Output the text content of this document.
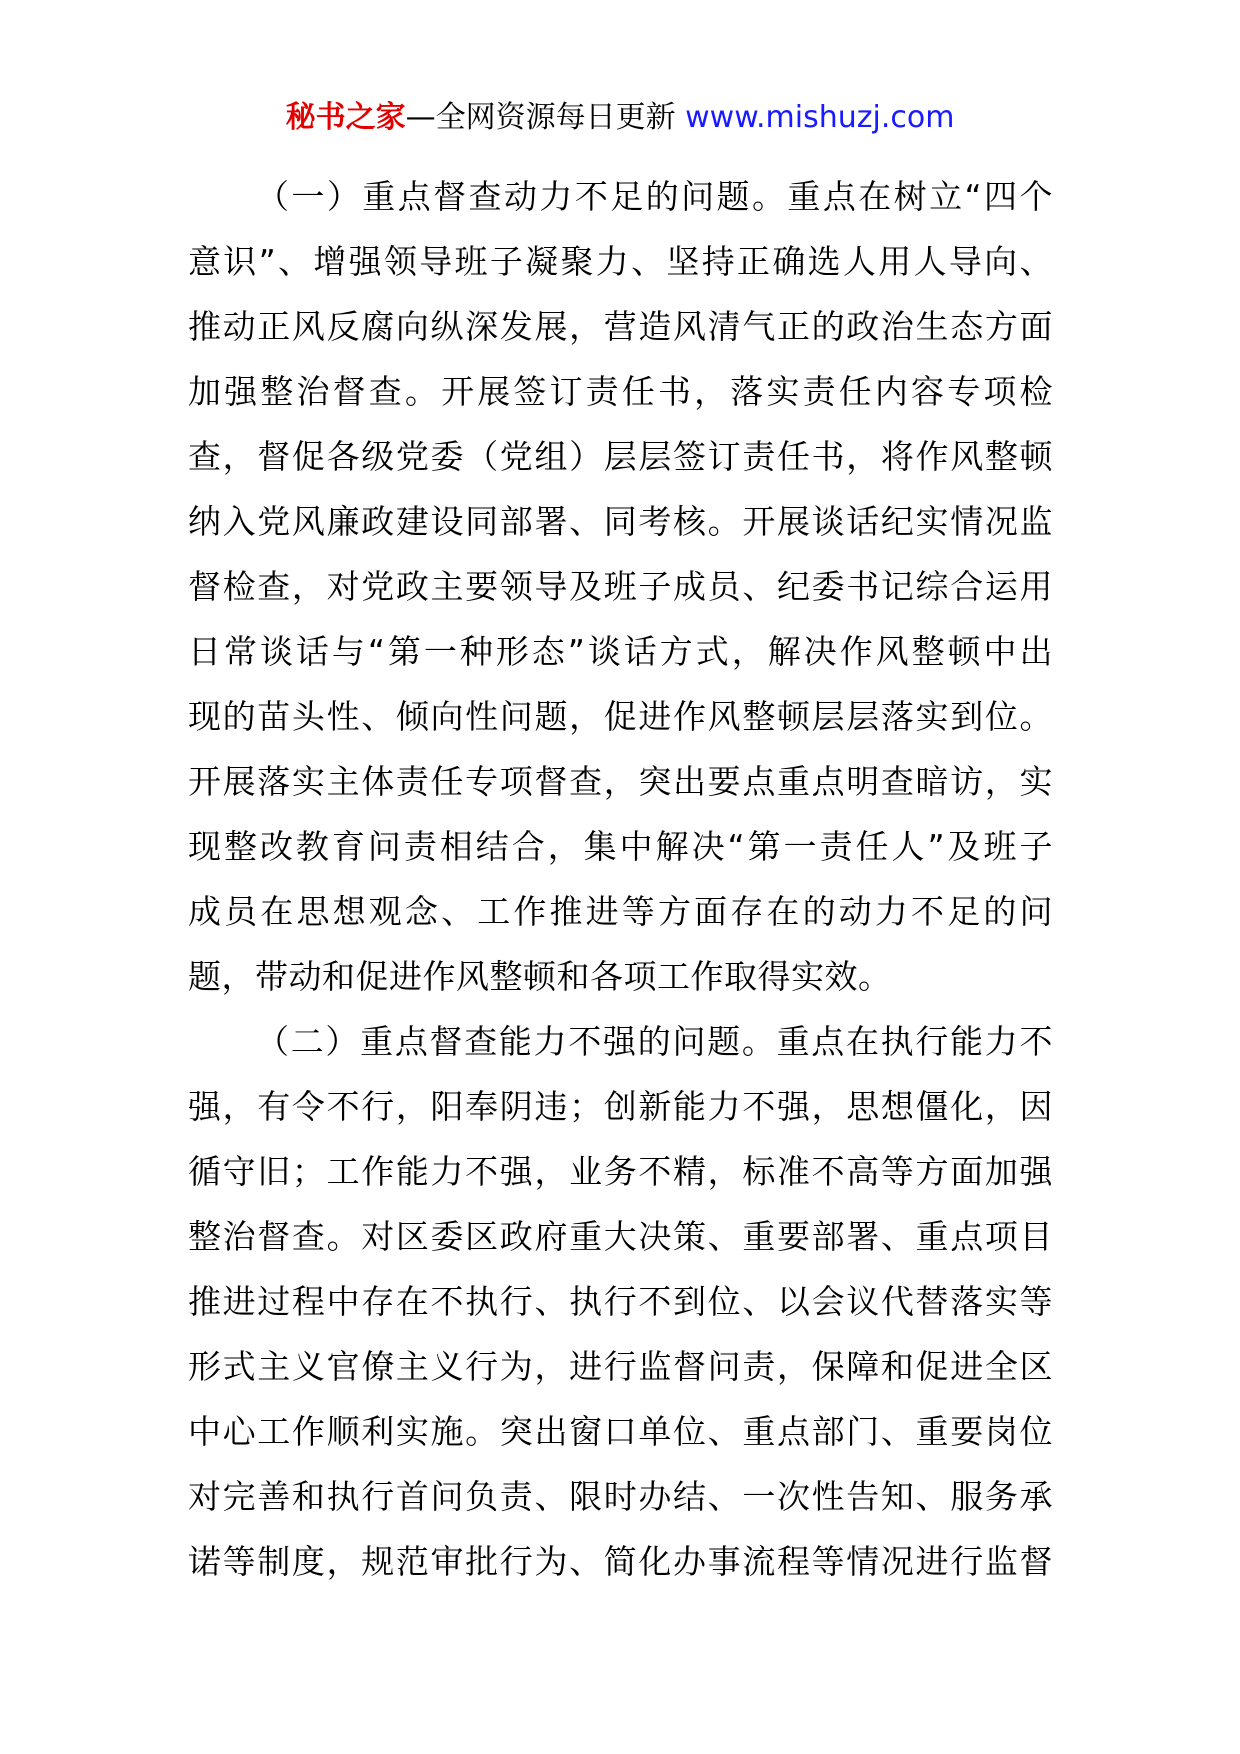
秘书之家—全网资源每日更新 www.mishuzj.com
（一）重点督查动力不足的问题。重点在树立“四个
意识”、增强领导班子凝聚力、坚持正确选人用人导向、
推动正风反腐向纵深发展，营造风清气正的政治生态方面
加强整治督查。开展签订责任书，落实责任内容专项检
查，督促各级党委（党组）层层签订责任书，将作风整顿
纳入党风廉政建设同部署、同考核。开展谈话纪实情况监
督检查，对党政主要领导及班子成员、纪委书记综合运用
日常谈话与“第一种形态”谈话方式，解决作风整顿中出
现的苗头性、倾向性问题，促进作风整顿层层落实到位。
开展落实主体责任专项督查，突出要点重点明查暗访，实
现整改教育问责相结合，集中解决“第一责任人”及班子
成员在思想观念、工作推进等方面存在的动力不足的问
题，带动和促进作风整顿和各项工作取得实效。
（二）重点督查能力不强的问题。重点在执行能力不
强，有令不行，阳奉阴违；创新能力不强，思想僵化，因
循守旧；工作能力不强，业务不精，标准不高等方面加强
整治督查。对区委区政府重大决策、重要部署、重点项目
推进过程中存在不执行、执行不到位、以会议代替落实等
形式主义官僚主义行为，进行监督问责，保障和促进全区
中心工作顺利实施。突出窗口单位、重点部门、重要岗位
对完善和执行首问负责、限时办结、一次性告知、服务承
诺等制度，规范审批行为、简化办事流程等情况进行监督
